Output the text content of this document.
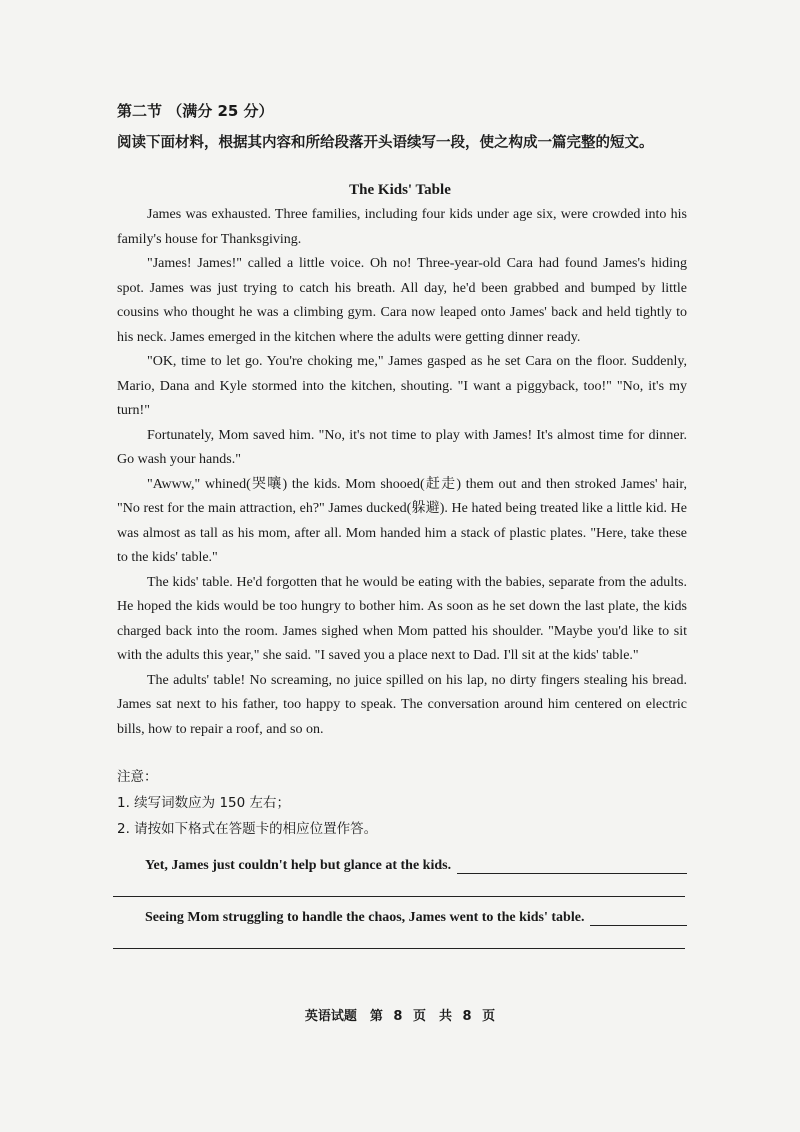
第二节 （满分 25 分）
阅读下面材料，根据其内容和所给段落开头语续写一段，使之构成一篇完整的短文。
The Kids' Table

James was exhausted. Three families, including four kids under age six, were crowded into his family's house for Thanksgiving.

"James! James!" called a little voice. Oh no! Three-year-old Cara had found James's hiding spot. James was just trying to catch his breath. All day, he'd been grabbed and bumped by little cousins who thought he was a climbing gym. Cara now leaped onto James' back and held tightly to his neck. James emerged in the kitchen where the adults were getting dinner ready.

"OK, time to let go. You're choking me," James gasped as he set Cara on the floor. Suddenly, Mario, Dana and Kyle stormed into the kitchen, shouting. "I want a piggyback, too!" "No, it's my turn!"

Fortunately, Mom saved him. "No, it's not time to play with James! It's almost time for dinner. Go wash your hands."

"Awww," whined(哭嚷) the kids. Mom shooed(赶走) them out and then stroked James' hair, "No rest for the main attraction, eh?" James ducked(躲避). He hated being treated like a little kid. He was almost as tall as his mom, after all. Mom handed him a stack of plastic plates. "Here, take these to the kids' table."

The kids' table. He'd forgotten that he would be eating with the babies, separate from the adults. He hoped the kids would be too hungry to bother him. As soon as he set down the last plate, the kids charged back into the room. James sighed when Mom patted his shoulder. "Maybe you'd like to sit with the adults this year," she said. "I saved you a place next to Dad. I'll sit at the kids' table."

The adults' table! No screaming, no juice spilled on his lap, no dirty fingers stealing his bread. James sat next to his father, too happy to speak. The conversation around him centered on electric bills, how to repair a roof, and so on.

注意：
1. 续写词数应为 150 左右；
2. 请按如下格式在答题卡的相应位置作答。
Yet, James just couldn't help but glance at the kids.
Seeing Mom struggling to handle the chaos, James went to the kids' table.
英语试题　第 8 页　共 8 页
